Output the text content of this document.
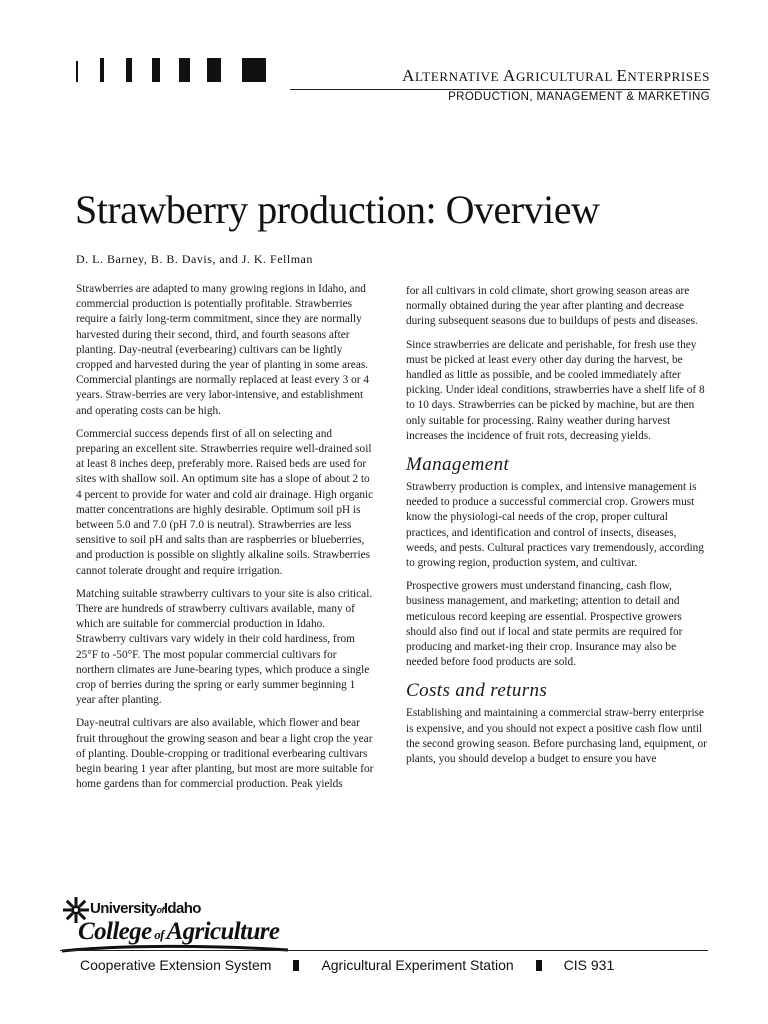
ALTERNATIVE AGRICULTURAL ENTERPRISES
PRODUCTION, MANAGEMENT & MARKETING
Strawberry production: Overview
D. L. Barney, B. B. Davis, and J. K. Fellman

Strawberries are adapted to many growing regions in Idaho, and commercial production is potentially profitable. Strawberries require a fairly long-term commitment, since they are normally harvested during their second, third, and fourth seasons after planting. Day-neutral (everbearing) cultivars can be lightly cropped and harvested during the year of planting in some areas. Commercial plantings are normally replaced at least every 3 or 4 years. Straw-berries are very labor-intensive, and establishment and operating costs can be high.

Commercial success depends first of all on selecting and preparing an excellent site. Strawberries require well-drained soil at least 8 inches deep, preferably more. Raised beds are used for sites with shallow soil. An optimum site has a slope of about 2 to 4 percent to provide for water and cold air drainage. High organic matter concentrations are highly desirable. Optimum soil pH is between 5.0 and 7.0 (pH 7.0 is neutral). Strawberries are less sensitive to soil pH and salts than are raspberries or blueberries, and production is possible on slightly alkaline soils. Strawberries cannot tolerate drought and require irrigation.

Matching suitable strawberry cultivars to your site is also critical. There are hundreds of strawberry cultivars available, many of which are suitable for commercial production in Idaho. Strawberry cultivars vary widely in their cold hardiness, from 25°F to -50°F. The most popular commercial cultivars for northern climates are June-bearing types, which produce a single crop of berries during the spring or early summer beginning 1 year after planting.

Day-neutral cultivars are also available, which flower and bear fruit throughout the growing season and bear a light crop the year of planting. Double-cropping or traditional everbearing cultivars begin bearing 1 year after planting, but most are more suitable for home gardens than for commercial production. Peak yields

for all cultivars in cold climate, short growing season areas are normally obtained during the year after planting and decrease during subsequent seasons due to buildups of pests and diseases.

Since strawberries are delicate and perishable, for fresh use they must be picked at least every other day during the harvest, be handled as little as possible, and be cooled immediately after picking. Under ideal conditions, strawberries have a shelf life of 8 to 10 days. Strawberries can be picked by machine, but are then only suitable for processing. Rainy weather during harvest increases the incidence of fruit rots, decreasing yields.

Management

Strawberry production is complex, and intensive management is needed to produce a successful commercial crop. Growers must know the physiologi-cal needs of the crop, proper cultural practices, and identification and control of insects, diseases, weeds, and pests. Cultural practices vary tremendously, according to growing region, production system, and cultivar.

Prospective growers must understand financing, cash flow, business management, and marketing; attention to detail and meticulous record keeping are essential. Prospective growers should also find out if local and state permits are required for producing and market-ing their crop. Insurance may also be needed before food products are sold.

Costs and returns

Establishing and maintaining a commercial straw-berry enterprise is expensive, and you should not expect a positive cash flow until the second growing season. Before purchasing land, equipment, or plants, you should develop a budget to ensure you have

UniversityofIdaho
College of Agriculture
Cooperative Extension System	Agricultural Experiment Station	CIS 931
